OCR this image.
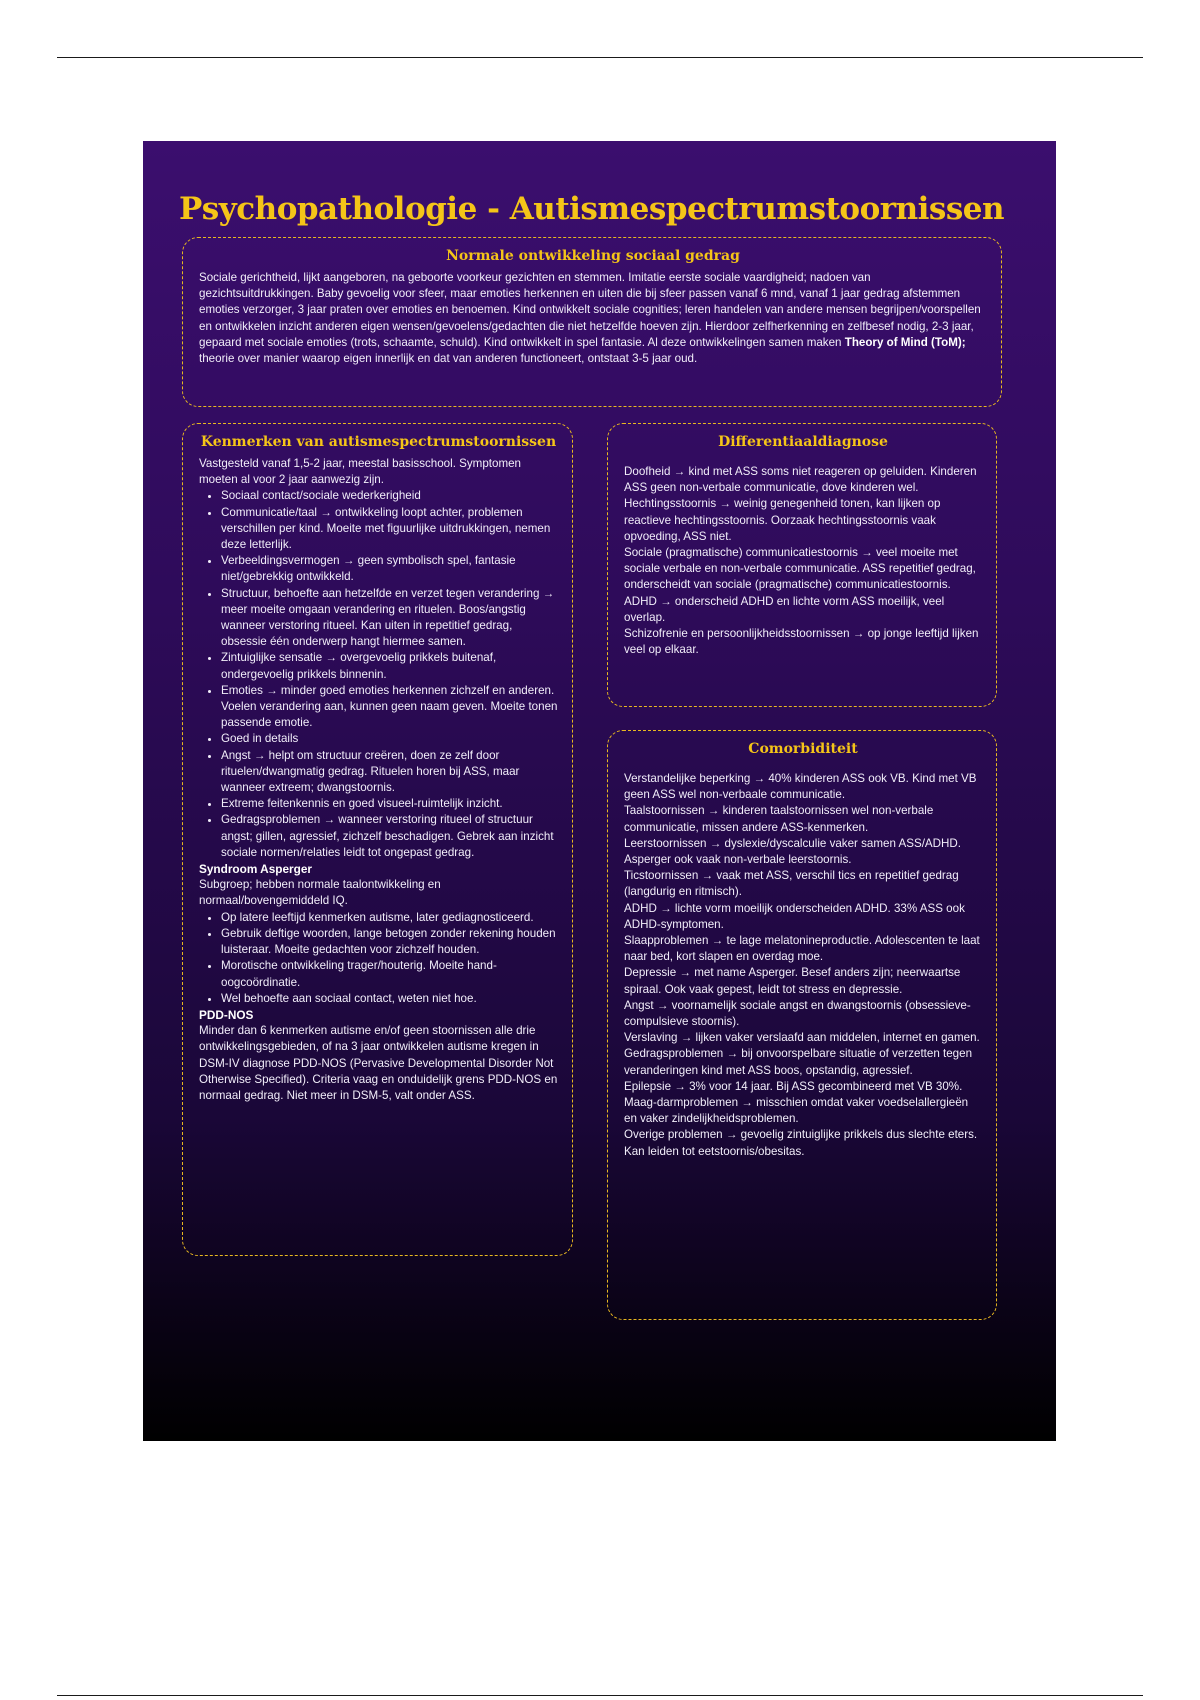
Psychopathologie - Autismespectrumstoornissen
Normale ontwikkeling sociaal gedrag

Sociale gerichtheid, lijkt aangeboren, na geboorte voorkeur gezichten en stemmen. Imitatie eerste sociale vaardigheid; nadoen van gezichtsuitdrukkingen. Baby gevoelig voor sfeer, maar emoties herkennen en uiten die bij sfeer passen vanaf 6 mnd, vanaf 1 jaar gedrag afstemmen emoties verzorger, 3 jaar praten over emoties en benoemen. Kind ontwikkelt sociale cognities; leren handelen van andere mensen begrijpen/voorspellen en ontwikkelen inzicht anderen eigen wensen/gevoelens/gedachten die niet hetzelfde hoeven zijn. Hierdoor zelfherkenning en zelfbesef nodig, 2-3 jaar, gepaard met sociale emoties (trots, schaamte, schuld). Kind ontwikkelt in spel fantasie. Al deze ontwikkelingen samen maken Theory of Mind (ToM); theorie over manier waarop eigen innerlijk en dat van anderen functioneert, ontstaat 3-5 jaar oud.

Kenmerken van autismespectrumstoornissen

Vastgesteld vanaf 1,5-2 jaar, meestal basisschool. Symptomen moeten al voor 2 jaar aanwezig zijn.

• Sociaal contact/sociale wederkerigheid
• Communicatie/taal → ontwikkeling loopt achter, problemen verschillen per kind. Moeite met figuurlijke uitdrukkingen, nemen deze letterlijk.
• Verbeeldingsvermogen → geen symbolisch spel, fantasie niet/gebrekkig ontwikkeld.
• Structuur, behoefte aan hetzelfde en verzet tegen verandering → meer moeite omgaan verandering en rituelen. Boos/angstig wanneer verstoring ritueel. Kan uiten in repetitief gedrag, obsessie één onderwerp hangt hiermee samen.
• Zintuiglijke sensatie → overgevoelig prikkels buitenaf, ondergevoelig prikkels binnenin.
• Emoties → minder goed emoties herkennen zichzelf en anderen. Voelen verandering aan, kunnen geen naam geven. Moeite tonen passende emotie.
• Goed in details
• Angst → helpt om structuur creëren, doen ze zelf door rituelen/dwangmatig gedrag. Rituelen horen bij ASS, maar wanneer extreem; dwangstoornis.
• Extreme feitenkennis en goed visueel-ruimtelijk inzicht.
• Gedragsproblemen → wanneer verstoring ritueel of structuur angst; gillen, agressief, zichzelf beschadigen. Gebrek aan inzicht sociale normen/relaties leidt tot ongepast gedrag.
Syndroom Asperger

Subgroep; hebben normale taalontwikkeling en normaal/bovengemiddeld IQ.

• Op latere leeftijd kenmerken autisme, later gediagnosticeerd.
• Gebruik deftige woorden, lange betogen zonder rekening houden luisteraar. Moeite gedachten voor zichzelf houden.
• Morotische ontwikkeling trager/houterig. Moeite hand-oogcoördinatie.
• Wel behoefte aan sociaal contact, weten niet hoe.
PDD-NOS

Minder dan 6 kenmerken autisme en/of geen stoornissen alle drie ontwikkelingsgebieden, of na 3 jaar ontwikkelen autisme kregen in DSM-IV diagnose PDD-NOS (Pervasive Developmental Disorder Not Otherwise Specified). Criteria vaag en onduidelijk grens PDD-NOS en normaal gedrag. Niet meer in DSM-5, valt onder ASS.

Differentiaaldiagnose

Doofheid → kind met ASS soms niet reageren op geluiden. Kinderen ASS geen non-verbale communicatie, dove kinderen wel.

Hechtingsstoornis → weinig genegenheid tonen, kan lijken op reactieve hechtingsstoornis. Oorzaak hechtingsstoornis vaak opvoeding, ASS niet.

Sociale (pragmatische) communicatiestoornis → veel moeite met sociale verbale en non-verbale communicatie. ASS repetitief gedrag, onderscheidt van sociale (pragmatische) communicatiestoornis.

ADHD → onderscheid ADHD en lichte vorm ASS moeilijk, veel overlap.

Schizofrenie en persoonlijkheidsstoornissen → op jonge leeftijd lijken veel op elkaar.

Comorbiditeit

Verstandelijke beperking → 40% kinderen ASS ook VB. Kind met VB geen ASS wel non-verbaale communicatie.

Taalstoornissen → kinderen taalstoornissen wel non-verbale communicatie, missen andere ASS-kenmerken.

Leerstoornissen → dyslexie/dyscalculie vaker samen ASS/ADHD. Asperger ook vaak non-verbale leerstoornis.

Ticstoornissen → vaak met ASS, verschil tics en repetitief gedrag (langdurig en ritmisch).

ADHD → lichte vorm moeilijk onderscheiden ADHD. 33% ASS ook ADHD-symptomen.

Slaapproblemen → te lage melatonineproductie. Adolescenten te laat naar bed, kort slapen en overdag moe.

Depressie → met name Asperger. Besef anders zijn; neerwaartse spiraal. Ook vaak gepest, leidt tot stress en depressie.

Angst → voornamelijk sociale angst en dwangstoornis (obsessieve-compulsieve stoornis).

Verslaving → lijken vaker verslaafd aan middelen, internet en gamen.

Gedragsproblemen → bij onvoorspelbare situatie of verzetten tegen veranderingen kind met ASS boos, opstandig, agressief.

Epilepsie → 3% voor 14 jaar. Bij ASS gecombineerd met VB 30%.

Maag-darmproblemen → misschien omdat vaker voedselallergieën en vaker zindelijkheidsproblemen.

Overige problemen → gevoelig zintuiglijke prikkels dus slechte eters. Kan leiden tot eetstoornis/obesitas.
